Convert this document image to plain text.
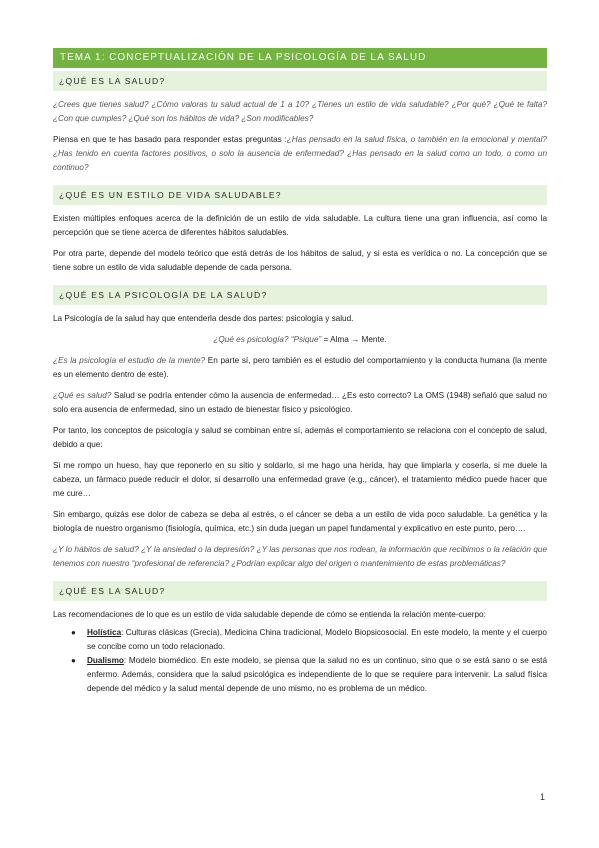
TEMA 1: CONCEPTUALIZACIÓN DE LA PSICOLOGÍA DE LA SALUD
¿QUÉ ES LA SALUD?

¿Crees que tienes salud? ¿Cómo valoras tu salud actual de 1 a 10? ¿Tienes un estilo de vida saludable? ¿Por qué? ¿Qué te falta? ¿Con que cumples? ¿Qué son los hábitos de vida? ¿Son modificables?

Piensa en que te has basado para responder estas preguntas :¿Has pensado en la salud física, o también en la emocional y mental? ¿Has tenido en cuenta factores positivos, o solo la ausencia de enfermedad? ¿Has pensado en la salud como un todo, o como un continuo?

¿QUÉ ES UN ESTILO DE VIDA SALUDABLE?

Existen múltiples enfoques acerca de la definición de un estilo de vida saludable. La cultura tiene una gran influencia, así como la percepción que se tiene acerca de diferentes hábitos saludables.

Por otra parte, depende del modelo teórico que está detrás de los hábitos de salud, y si esta es verídica o no. La concepción que se tiene sobre un estilo de vida saludable depende de cada persona.

¿QUÉ ES LA PSICOLOGÍA DE LA SALUD?

La Psicología de la salud hay que entenderla desde dos partes: psicología y salud.

¿Qué es psicología? “Psique” = Alma → Mente.

¿Es la psicología el estudio de la mente? En parte sí, pero también es el estudio del comportamiento y la conducta humana (la mente es un elemento dentro de este).

¿Qué es salud? Salud se podría entender cómo la ausencia de enfermedad… ¿Es esto correcto? La OMS (1948) señaló que salud no solo era ausencia de enfermedad, sino un estado de bienestar físico y psicológico.

Por tanto, los conceptos de psicología y salud se combinan entre sí, además el comportamiento se relaciona con el concepto de salud, debido a que:

Si me rompo un hueso, hay que reponerlo en su sitio y soldarlo, si me hago una herida, hay que limpiarla y coserla, si me duele la cabeza, un fármaco puede reducir el dolor, si desarrollo una enfermedad grave (e.g., cáncer), el tratamiento médico puede hacer que me cure…

Sin embargo, quizás ese dolor de cabeza se deba al estrés, o el cáncer se deba a un estilo de vida poco saludable. La genética y la biología de nuestro organismo (fisiología, química, etc.) sin duda juegan un papel fundamental y explicativo en este punto, pero….

¿Y lo hábitos de salud? ¿Y la ansiedad o la depresión? ¿Y las personas que nos rodean, la información que recibimos o la relación que tenemos con nuestro “profesional de referencia? ¿Podrían explicar algo del origen o mantenimiento de estas problemáticas?

¿QUÉ ES LA SALUD?

Las recomendaciones de lo que es un estilo de vida saludable depende de cómo se entienda la relación mente-cuerpo:

● Holística: Culturas clásicas (Grecia), Medicina China tradicional, Modelo Biopsicosocial. En este modelo, la mente y el cuerpo se concibe como un todo relacionado.
● Dualismo: Modelo biomédico. En este modelo, se piensa que la salud no es un continuo, sino que o se está sano o se está enfermo. Además, considera que la salud psicológica es independiente de lo que se requiere para intervenir. La salud física depende del médico y la salud mental depende de uno mismo, no es problema de un médico.
1
